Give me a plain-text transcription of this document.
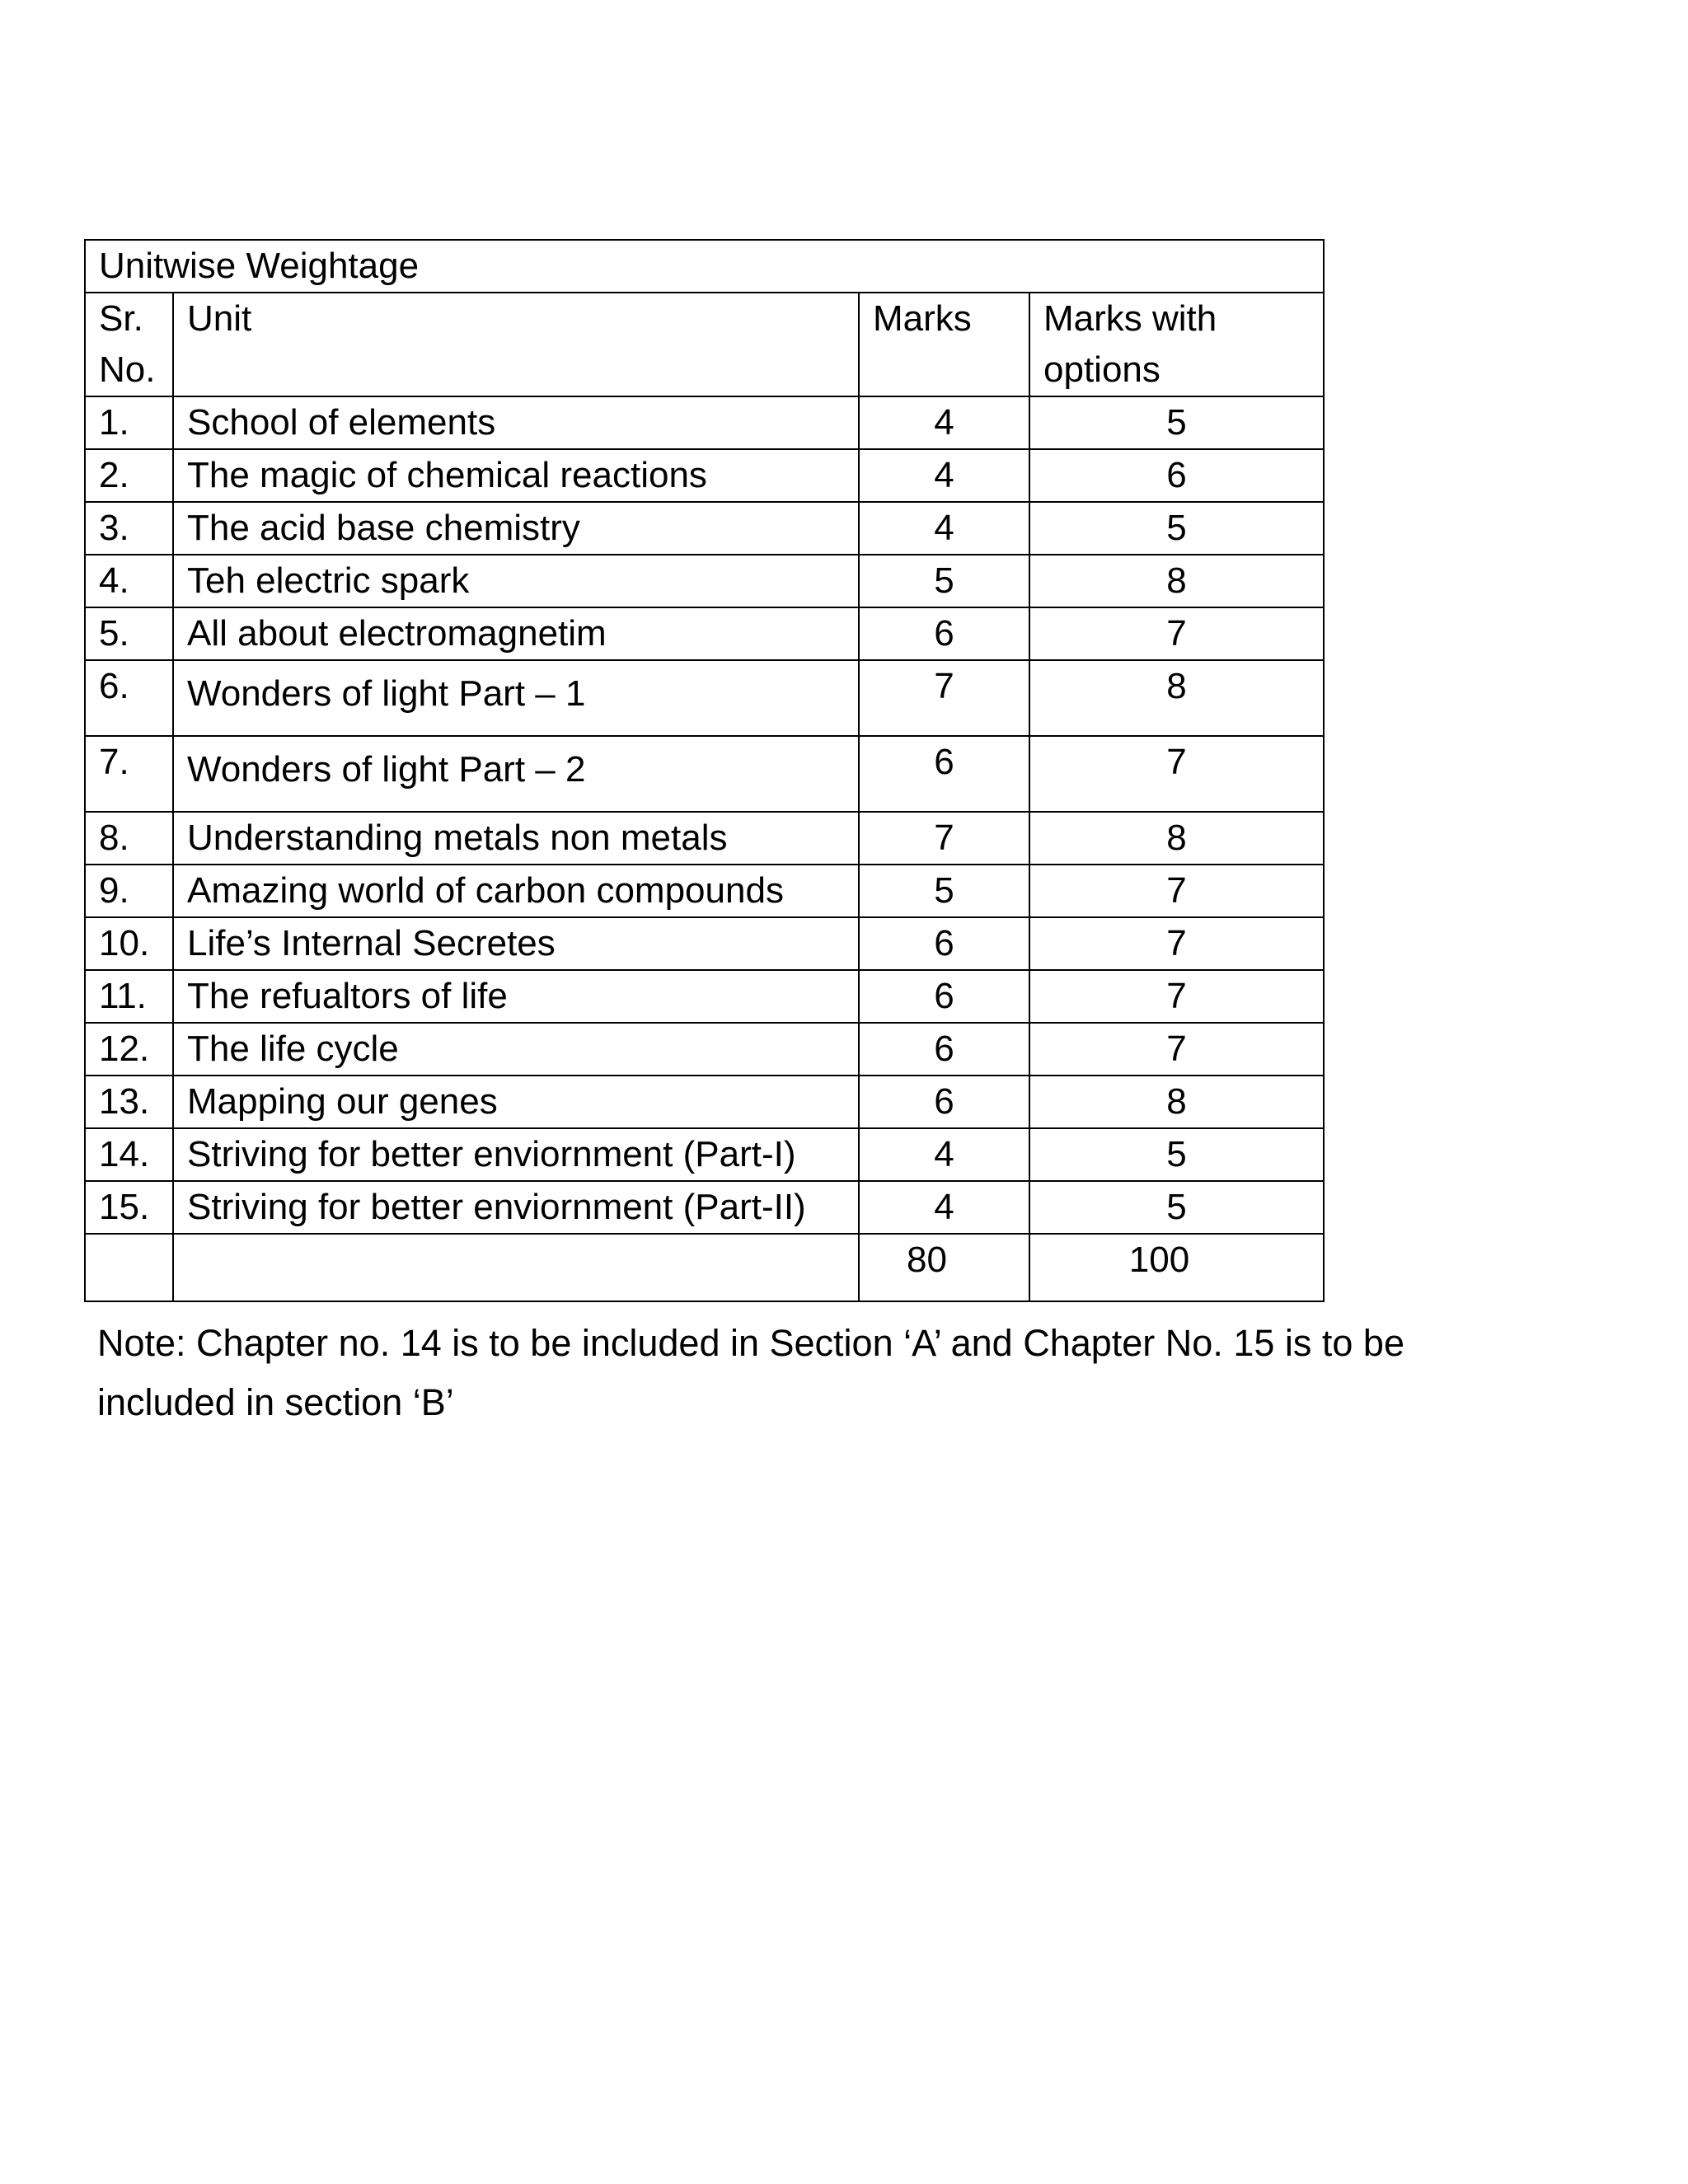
Unitwise Weightage			
Sr. No.	Unit	Marks	Marks with options
1.	School of elements	4	5
2.	The magic of chemical reactions	4	6
3.	The acid base chemistry	4	5
4.	Teh electric spark	5	8
5.	All about electromagnetim	6	7
6.	Wonders of light Part – 1	7	8
7.	Wonders of light Part – 2	6	7
8.	Understanding metals non metals	7	8
9.	Amazing world of carbon compounds	5	7
10.	Life’s Internal Secretes	6	7
11.	The refualtors of life	6	7
12.	The life cycle	6	7
13.	Mapping our genes	6	8
14.	Striving for better enviornment (Part-I)	4	5
15.	Striving for better enviornment (Part-II)	4	5
		80	100

Note: Chapter no. 14 is to be included in Section ‘A’ and Chapter No. 15 is to be included in section ‘B’
